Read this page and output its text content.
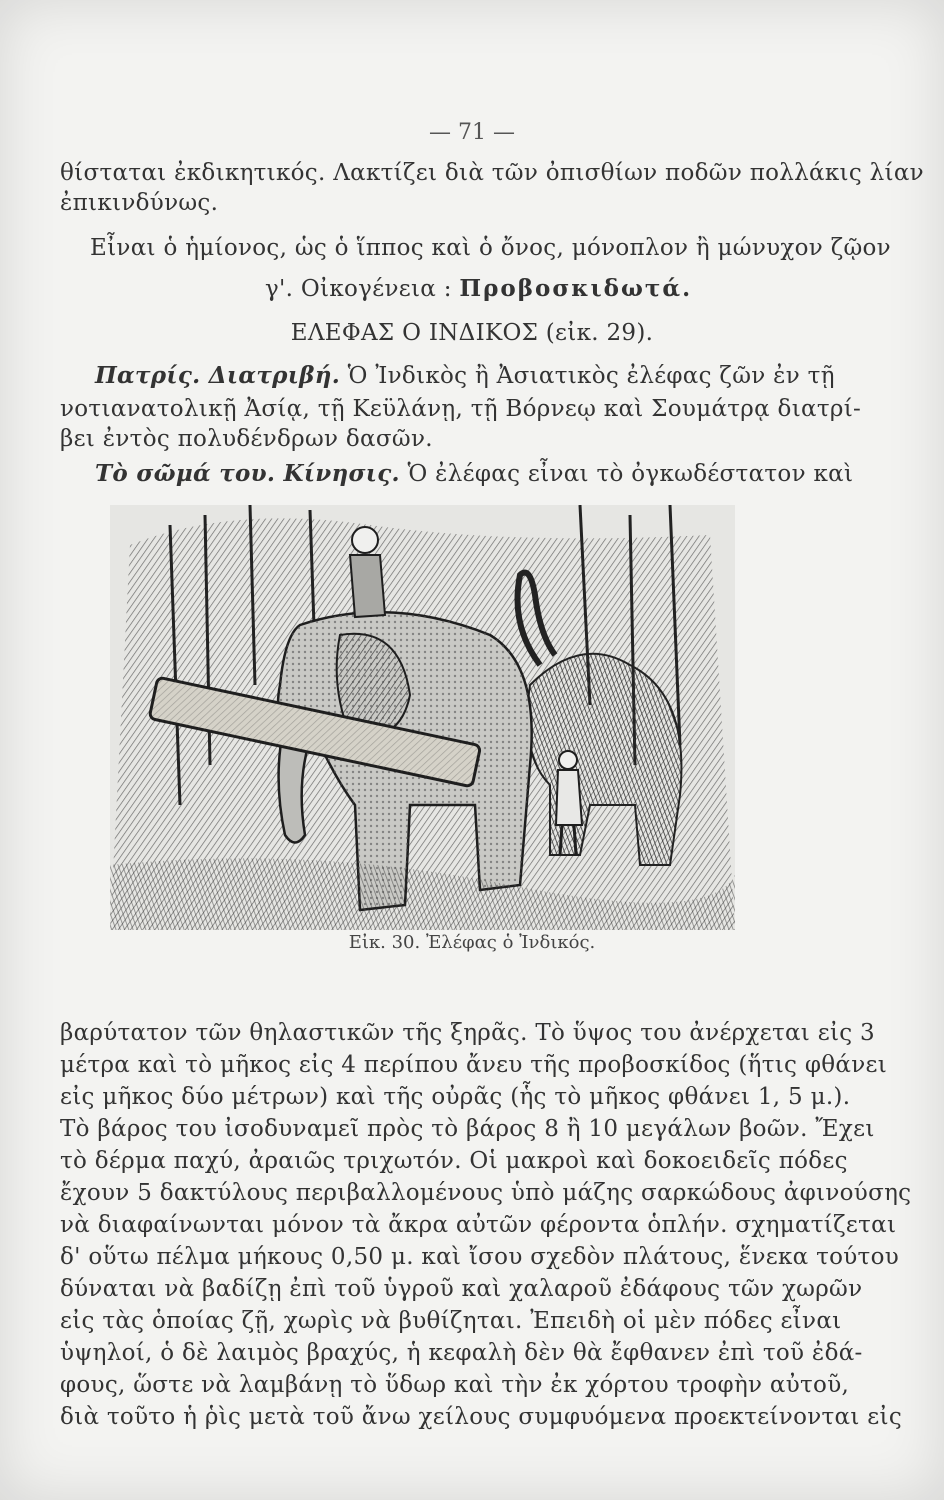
— 71 —
θίσταται ἐκδικητικός. Λακτίζει διὰ τῶν ὀπισθίων ποδῶν πολλάκις λίαν
ἐπικινδύνως.
Εἶναι ὁ ἡμίονος, ὡς ὁ ἵππος καὶ ὁ ὄνος, μόνοπλον ἢ μώνυχον ζῷον
γ'. Οἰκογένεια : Προβοσκιδωτά.
ΕΛΕΦΑΣ Ο ΙΝΔΙΚΟΣ (εἰκ. 29).
Πατρίς. Διατριβή. Ὁ Ἰνδικὸς ἢ Ἀσιατικὸς ἐλέφας ζῶν ἐν τῇ
νοτιανατολικῇ Ἀσίᾳ, τῇ Κεϋλάνῃ, τῇ Βόρνεῳ καὶ Σουμάτρᾳ διατρί-
βει ἐντὸς πολυδένδρων δασῶν.
Τὸ σῶμά του. Κίνησις. Ὁ ἐλέφας εἶναι τὸ ὀγκωδέστατον καὶ
Εἰκ. 30. Ἐλέφας ὁ Ἰνδικός.
βαρύτατον τῶν θηλαστικῶν τῆς ξηρᾶς. Τὸ ὕψος του ἀνέρχεται εἰς 3
μέτρα καὶ τὸ μῆκος εἰς 4 περίπου ἄνευ τῆς προβοσκίδος (ἥτις φθάνει
εἰς μῆκος δύο μέτρων) καὶ τῆς οὐρᾶς (ἧς τὸ μῆκος φθάνει 1, 5 μ.).
Τὸ βάρος του ἰσοδυναμεῖ πρὸς τὸ βάρος 8 ἢ 10 μεγάλων βοῶν. Ἔχει
τὸ δέρμα παχύ, ἀραιῶς τριχωτόν. Οἱ μακροὶ καὶ δοκοειδεῖς πόδες
ἔχουν 5 δακτύλους περιβαλλομένους ὑπὸ μάζης σαρκώδους ἀφινούσης
νὰ διαφαίνωνται μόνον τὰ ἄκρα αὐτῶν φέροντα ὁπλήν. σχηματίζεται
δ' οὕτω πέλμα μήκους 0,50 μ. καὶ ἴσου σχεδὸν πλάτους, ἕνεκα τούτου
δύναται νὰ βαδίζῃ ἐπὶ τοῦ ὑγροῦ καὶ χαλαροῦ ἐδάφους τῶν χωρῶν
εἰς τὰς ὁποίας ζῇ, χωρὶς νὰ βυθίζηται. Ἐπειδὴ οἱ μὲν πόδες εἶναι
ὑψηλοί, ὁ δὲ λαιμὸς βραχύς, ἡ κεφαλὴ δὲν θὰ ἔφθανεν ἐπὶ τοῦ ἐδά-
φους, ὥστε νὰ λαμβάνῃ τὸ ὕδωρ καὶ τὴν ἐκ χόρτου τροφὴν αὐτοῦ,
διὰ τοῦτο ἡ ῥὶς μετὰ τοῦ ἄνω χείλους συμφυόμενα προεκτείνονται εἰς
